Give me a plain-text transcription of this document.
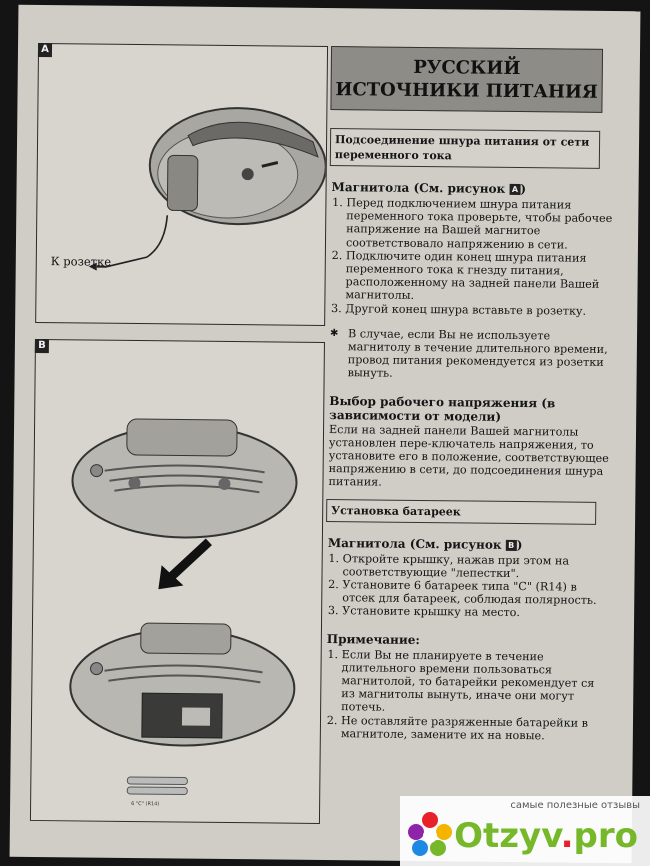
A
К розетке
B
6 "C" (R14)
РУССКИЙ
ИСТОЧНИКИ ПИТАНИЯ
Подсоединение шнура питания от сети переменного тока
Магнитола (См. рисунок A )
1. Перед подключением шнура питания переменного тока проверьте, чтобы рабочее напряжение на Вашей магнитое соответствовало напряжению в сети.
2. Подключите один конец шнура питания переменного тока к гнезду питания, расположенному на задней панели Вашей магнитолы.
3. Другой конец шнура вставьте в розетку.
✱ В случае, если Вы не используете магнитолу в течение длительного времени, провод питания рекомендуется из розетки вынуть.
Выбор рабочего напряжения (в зависимости от модели)
Если на задней панели Вашей магнитолы установлен пере-ключатель напряжения, то установите его в положение, соответствующее напряжению в сети, до подсоединения шнура питания.
Установка батареек
Магнитола (См. рисунок B )
1. Откройте крышку, нажав при этом на соответствующие "лепестки".
2. Установите 6 батареек типа "С" (R14) в отсек для батареек, соблюдая полярность.
3. Установите крышку на место.
Примечание:
1. Если Вы не планируете в течение длительного времени пользоваться магнитолой, то батарейки рекомендует ся из магнитолы вынуть, иначе они могут потечь.
2. Не оставляйте разряженные батарейки в магнитоле, замените их на новые.
самые полезные отзывы
Otzyv.pro
